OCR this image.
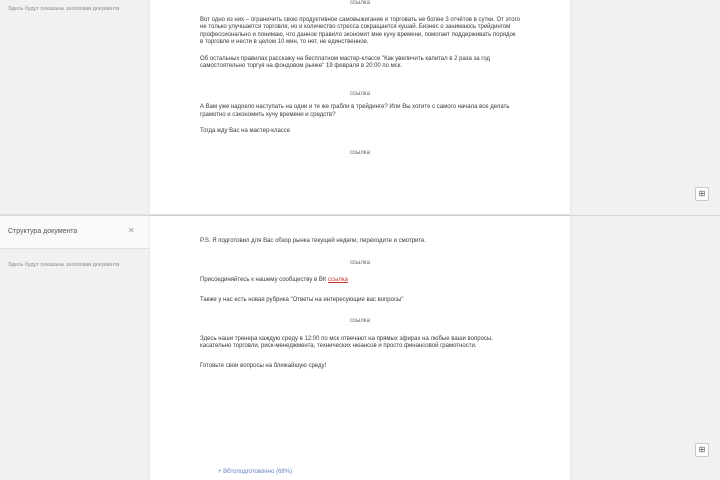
Здесь будут показаны заголовки документа
Структура документа	✕
Здесь будут показаны заголовки документа
ссылка

Вот одно из них – ограничить свою продуктивное самовыжигание и торговать не более 3 отчётов в сутки. От этого не только улучшается торговля, но и количество стресса сокращается кушай. Бизнес о занимаюсь трейдингом профессионально и понимаю, что данное правило экономит мне кучу времени, помогает поддерживать порядок в торговле и нести в целом 10 мин, то нет, не единственное.

Об остальных правилах расскажу на бесплатном мастер-классе "Как увеличить капитал в 2 раза за год самостоятельно торгуя на фондовом рынке" 19 февраля в 20:00 по мск.

ссылка

А Вам уже надоело наступать на одни и те же грабли в трейдинге? Или Вы хотите с самого начала все делать грамотно и сэкономить кучу времени и средств?

Тогда жду Вас на мастер-классе

ссылка

P.S. Я подготовил для Вас обзор рынка текущей недели, переходите и смотрите.

ссылка

Присоединяйтесь к нашему сообществу в ВК ссылка

Также у нас есть новая рубрика "Ответы на интересующие вас вопросы"

ссылка

Здесь наши тренера каждую среду в 12:00 по мск отвечают на прямых эфирах на любые ваши вопросы, касательно торговли, риск-менеджмента, технических нюансов и просто финансовой грамотности.

Готовьте свои вопросы на ближайшую среду!

⊞
⊞
+ Вбтоподготовлено (68%)
